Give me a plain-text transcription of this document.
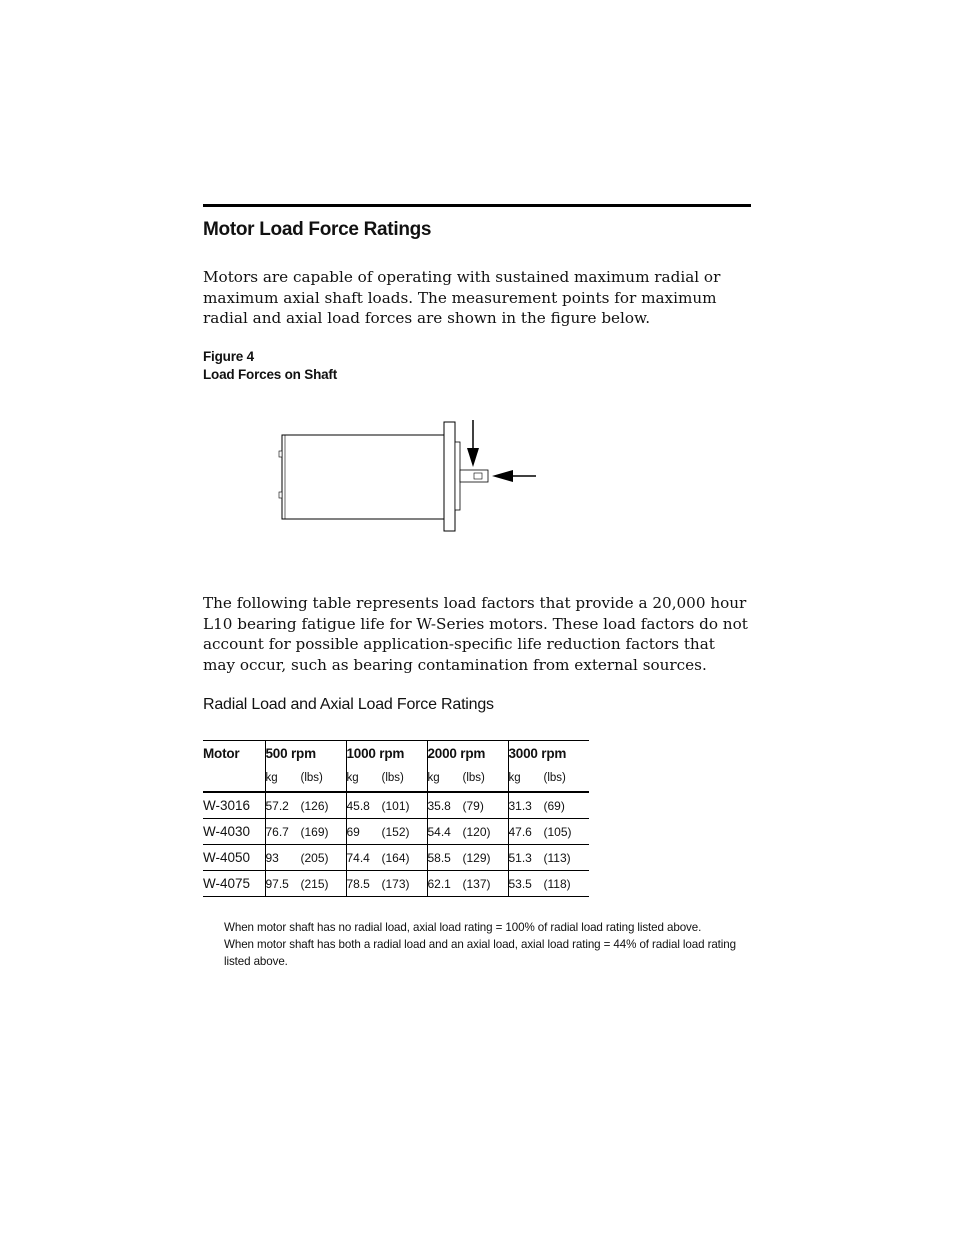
Motor Load Force Ratings

Motors are capable of operating with sustained maximum radial or maximum axial shaft loads. The measurement points for maximum radial and axial load forces are shown in the figure below.

Figure 4
Load Forces on Shaft

The following table represents load factors that provide a 20,000 hour L10 bearing fatigue life for W-Series motors. These load factors do not account for possible application-specific life reduction factors that may occur, such as bearing contamination from external sources.

Radial Load and Axial Load Force Ratings
Motor	500 rpm	1000 rpm	2000 rpm	3000 rpm

	kg (lbs)	kg (lbs)	kg (lbs)	kg (lbs)

W-3016	57.2 (126)	45.8 (101)	35.8 (79)	31.3 (69)

W-4030	76.7 (169)	69 (152)	54.4 (120)	47.6 (105)

W-4050	93 (205)	74.4 (164)	58.5 (129)	51.3 (113)

W-4075	97.5 (215)	78.5 (173)	62.1 (137)	53.5 (118)

When motor shaft has no radial load, axial load rating = 100% of radial load rating listed above.

When motor shaft has both a radial load and an axial load, axial load rating = 44% of radial load rating listed above.
